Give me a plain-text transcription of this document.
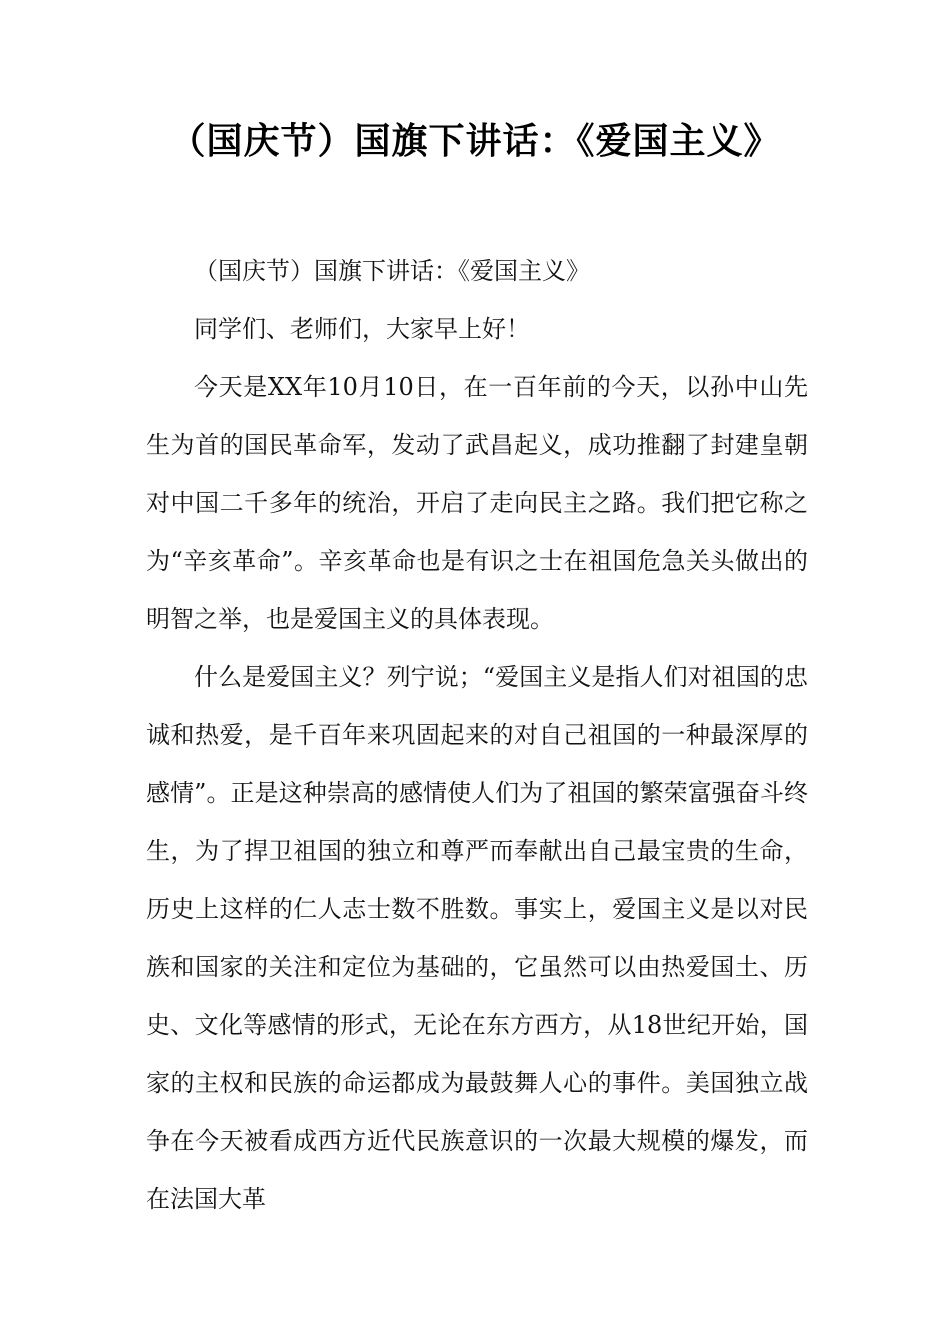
（国庆节）国旗下讲话：《爱国主义》

（国庆节）国旗下讲话：《爱国主义》

同学们、老师们，大家早上好！

今天是XX年10月10日，在一百年前的今天，以孙中山先生为首的国民革命军，发动了武昌起义，成功推翻了封建皇朝对中国二千多年的统治，开启了走向民主之路。我们把它称之为“辛亥革命”。辛亥革命也是有识之士在祖国危急关头做出的明智之举，也是爱国主义的具体表现。

什么是爱国主义？列宁说；“爱国主义是指人们对祖国的忠诚和热爱，是千百年来巩固起来的对自己祖国的一种最深厚的感情”。正是这种崇高的感情使人们为了祖国的繁荣富强奋斗终生，为了捍卫祖国的独立和尊严而奉献出自己最宝贵的生命，历史上这样的仁人志士数不胜数。事实上，爱国主义是以对民族和国家的关注和定位为基础的，它虽然可以由热爱国土、历史、文化等感情的形式，无论在东方西方，从18世纪开始，国家的主权和民族的命运都成为最鼓舞人心的事件。美国独立战争在今天被看成西方近代民族意识的一次最大规模的爆发，而在法国大革
